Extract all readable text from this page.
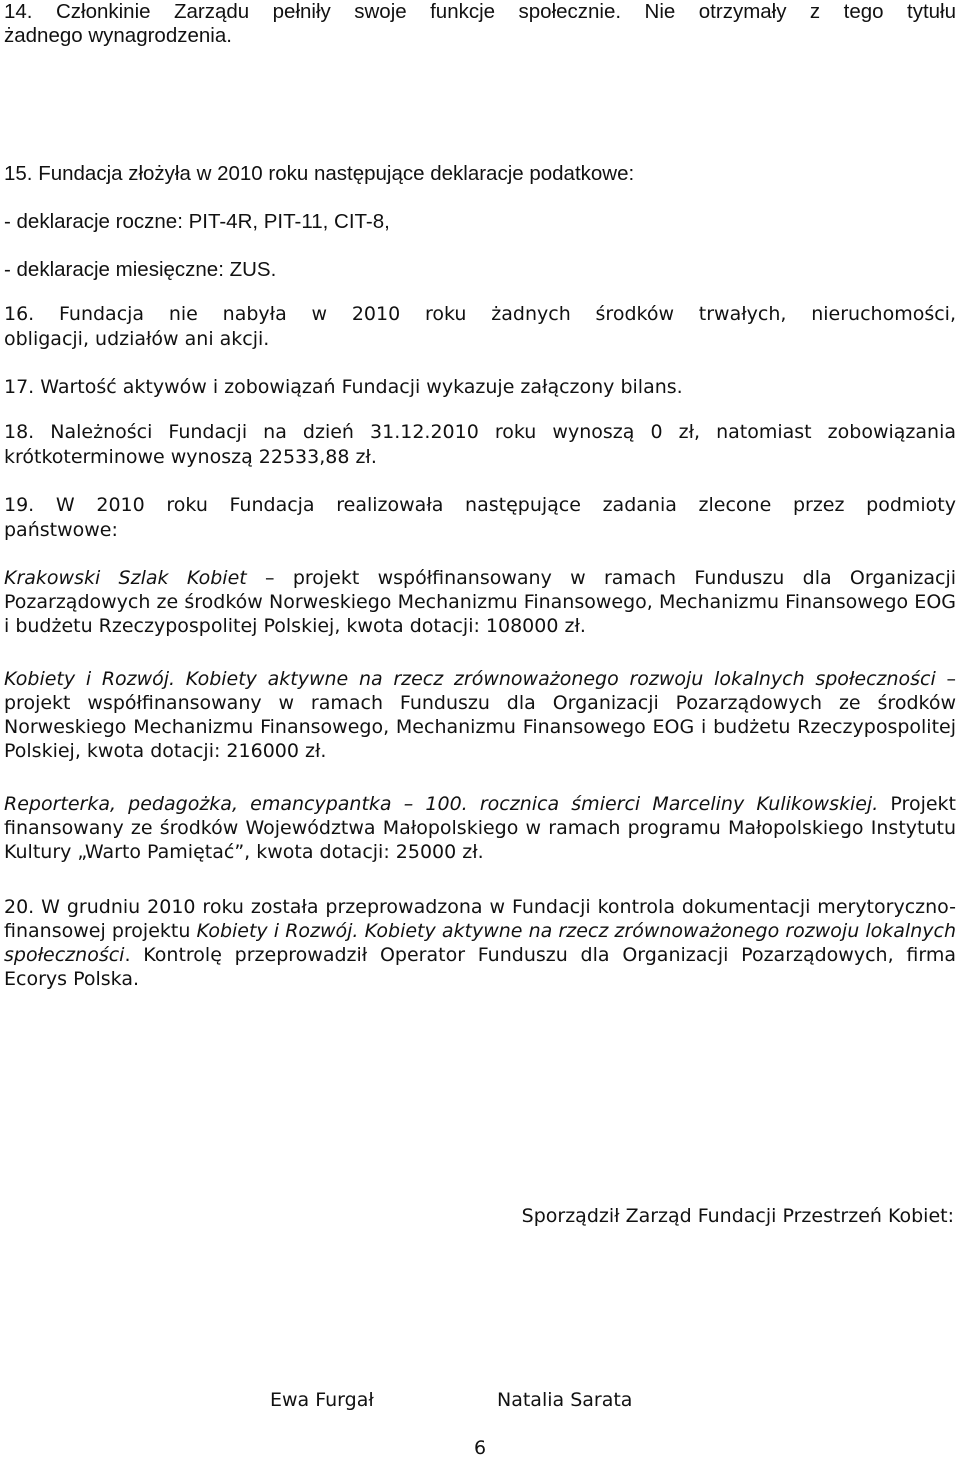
14. Członkinie Zarządu pełniły swoje funkcje społecznie. Nie otrzymały z tego tytułu
żadnego wynagrodzenia.
15. Fundacja złożyła w 2010 roku następujące deklaracje podatkowe:
- deklaracje roczne: PIT-4R, PIT-11, CIT-8,
- deklaracje miesięczne: ZUS.
16. Fundacja nie nabyła w 2010 roku żadnych środków trwałych, nieruchomości,
obligacji, udziałów ani akcji.
17. Wartość aktywów i zobowiązań Fundacji wykazuje załączony bilans.
18. Należności Fundacji na dzień 31.12.2010 roku wynoszą 0 zł, natomiast zobowiązania
krótkoterminowe wynoszą 22533,88 zł.
19. W 2010 roku Fundacja realizowała następujące zadania zlecone przez podmioty
państwowe:

Krakowski Szlak Kobiet – projekt współfinansowany w ramach Funduszu dla Organizacji Pozarządowych ze środków Norweskiego Mechanizmu Finansowego, Mechanizmu Finansowego EOG i budżetu Rzeczypospolitej Polskiej, kwota dotacji: 108000 zł.

Kobiety i Rozwój. Kobiety aktywne na rzecz zrównoważonego rozwoju lokalnych społeczności – projekt współfinansowany w ramach Funduszu dla Organizacji Pozarządowych ze środków Norweskiego Mechanizmu Finansowego, Mechanizmu Finansowego EOG i budżetu Rzeczypospolitej Polskiej, kwota dotacji: 216000 zł.

Reporterka, pedagożka, emancypantka – 100. rocznica śmierci Marceliny Kulikowskiej. Projekt finansowany ze środków Województwa Małopolskiego w ramach programu Małopolskiego Instytutu Kultury „Warto Pamiętać”, kwota dotacji: 25000 zł.

20. W grudniu 2010 roku została przeprowadzona w Fundacji kontrola dokumentacji merytoryczno-finansowej projektu Kobiety i Rozwój. Kobiety aktywne na rzecz zrównoważonego rozwoju lokalnych społeczności. Kontrolę przeprowadził Operator Funduszu dla Organizacji Pozarządowych, firma Ecorys Polska.

Sporządził Zarząd Fundacji Przestrzeń Kobiet:
Ewa Furgał	Natalia Sarata
6
